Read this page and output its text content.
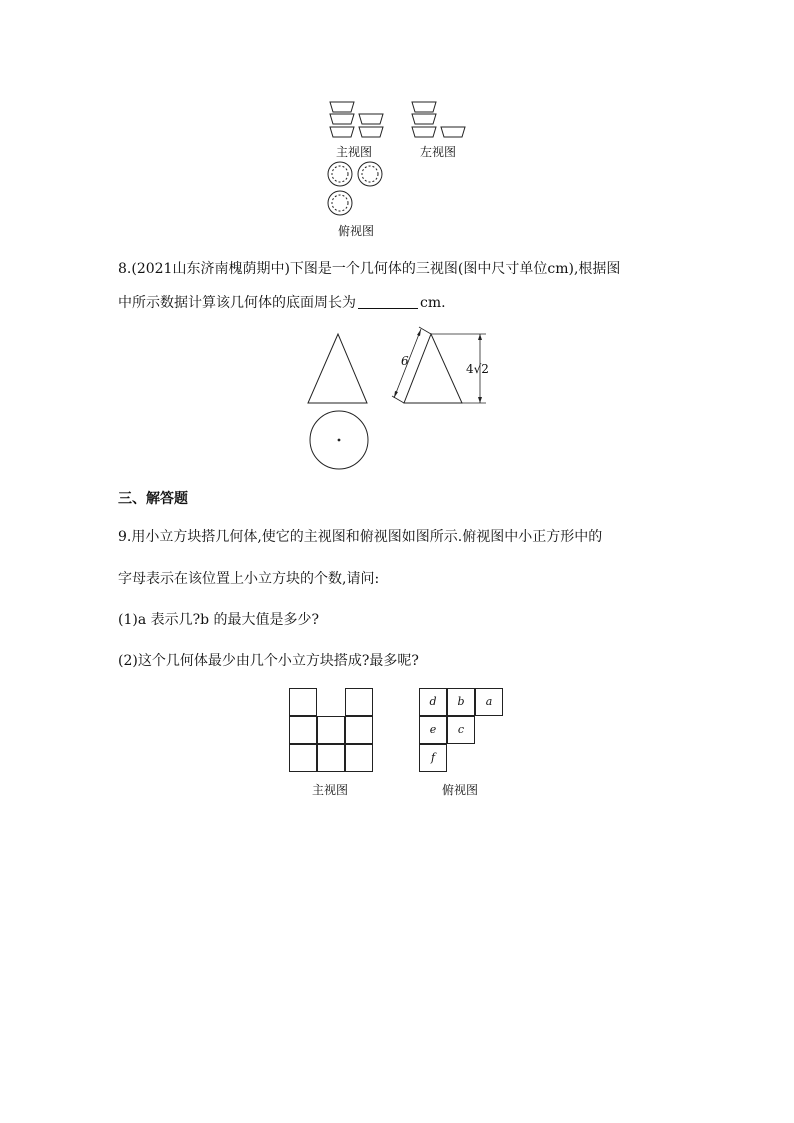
主视图	左视图
俯视图
8.(2021山东济南槐荫期中)下图是一个几何体的三视图(图中尺寸单位cm),根据图
中所示数据计算该几何体的底面周长为	cm.
6
4√2
三、解答题
9.用小立方块搭几何体,使它的主视图和俯视图如图所示.俯视图中小正方形中的
字母表示在该位置上小立方块的个数,请问:
(1)a 表示几?b 的最大值是多少?
(2)这个几何体最少由几个小立方块搭成?最多呢?
主视图
d	b	a
e	c
f
俯视图
